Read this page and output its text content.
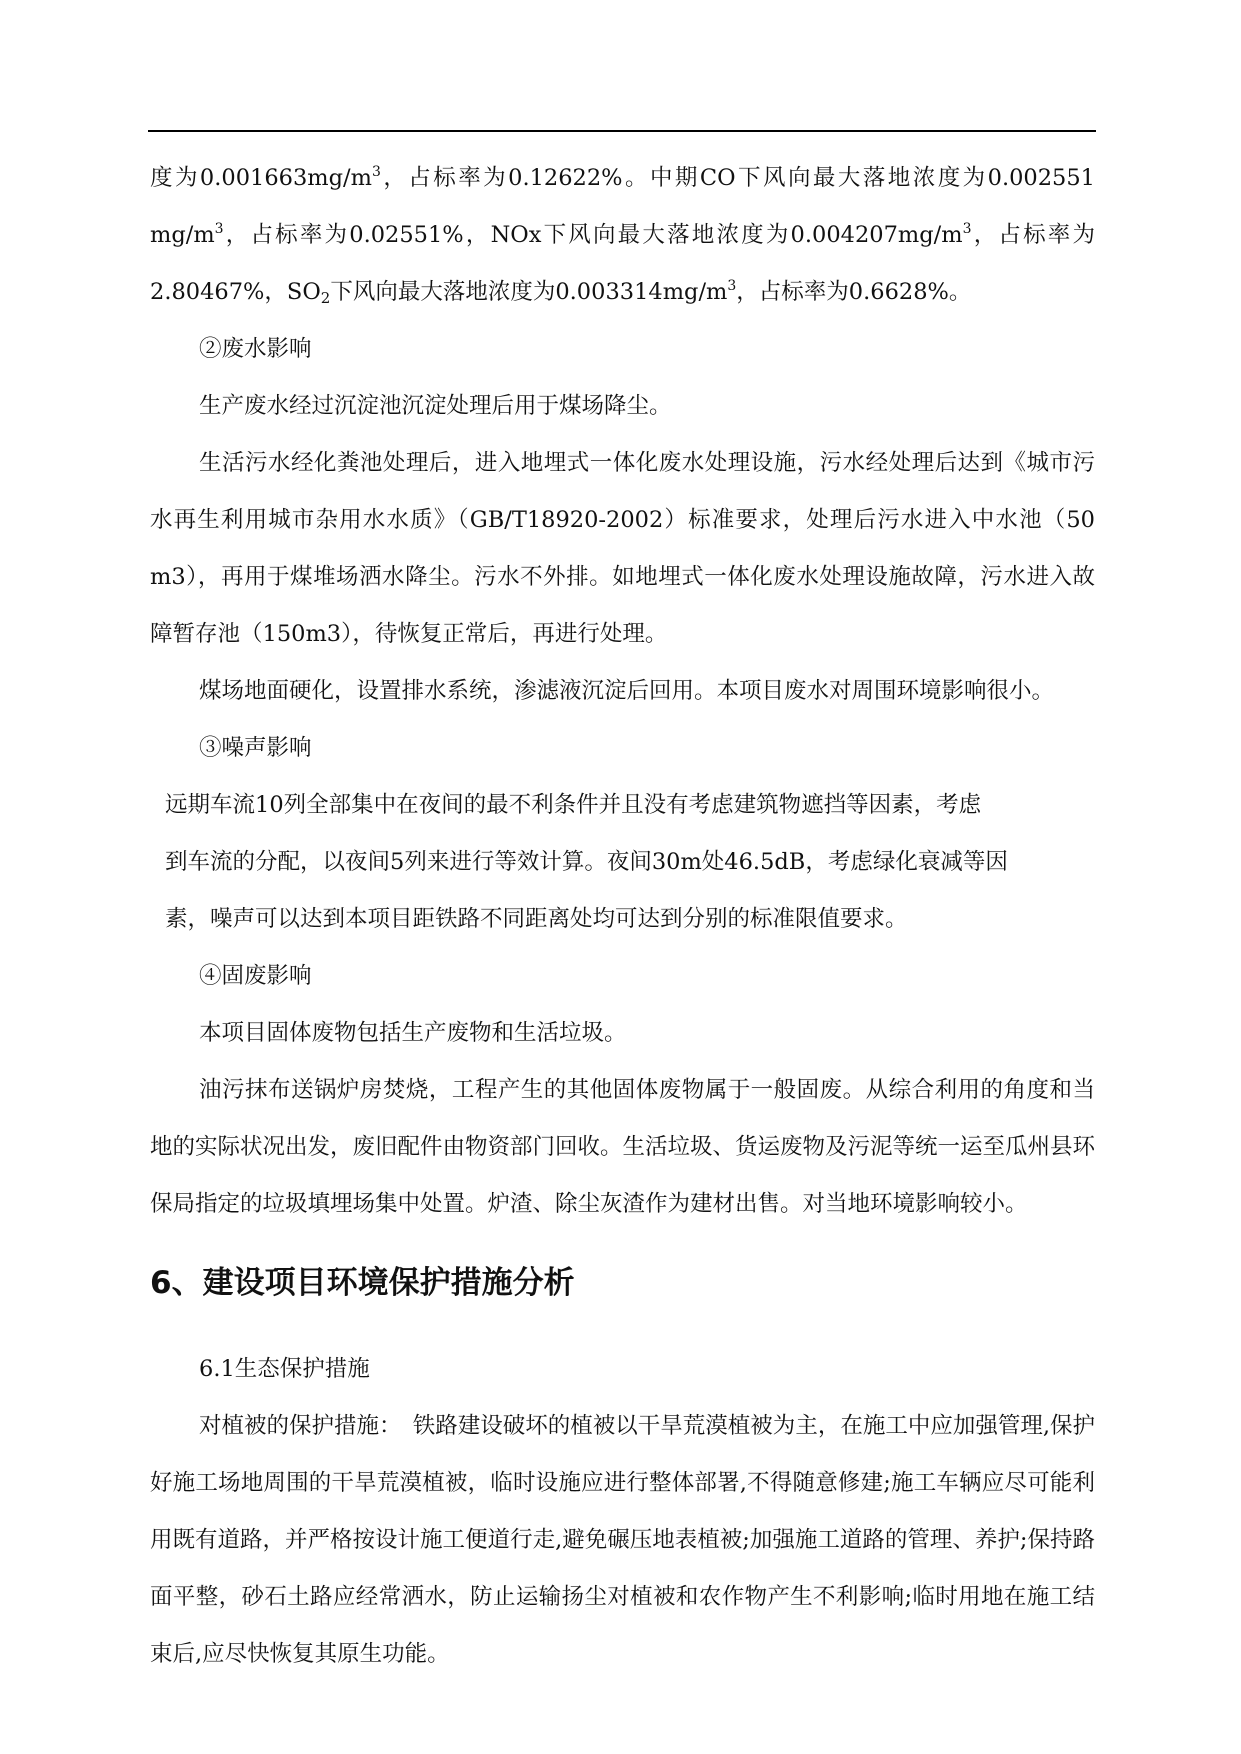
度为$0.001663mg/m^3$，占标率为0.12622%。中期CO下风向最大落地浓度为0.002551 $mg/m^3$，占标率为0.02551%，NOx下风向最大落地浓度为$0.004207mg/m^3$，占标率为2.80467%，$SO_2$下风向最大落地浓度为$0.003314mg/m^3$，占标率为0.6628%。

②废水影响

生产废水经过沉淀池沉淀处理后用于煤场降尘。

生活污水经化粪池处理后，进入地埋式一体化废水处理设施，污水经处理后达到《城市污水再生利用城市杂用水水质》（GB/T18920-2002）标准要求，处理后污水进入中水池（50 m3），再用于煤堆场洒水降尘。污水不外排。如地埋式一体化废水处理设施故障，污水进入故障暂存池（150m3），待恢复正常后，再进行处理。

煤场地面硬化，设置排水系统，渗滤液沉淀后回用。本项目废水对周围环境影响很小。

③噪声影响

远期车流10列全部集中在夜间的最不利条件并且没有考虑建筑物遮挡等因素，考虑

到车流的分配，以夜间5列来进行等效计算。夜间30m处46.5dB，考虑绿化衰减等因

素，噪声可以达到本项目距铁路不同距离处均可达到分别的标准限值要求。

④固废影响

本项目固体废物包括生产废物和生活垃圾。

油污抹布送锅炉房焚烧，工程产生的其他固体废物属于一般固废。从综合利用的角度和当地的实际状况出发，废旧配件由物资部门回收。生活垃圾、货运废物及污泥等统一运至瓜州县环保局指定的垃圾填埋场集中处置。炉渣、除尘灰渣作为建材出售。对当地环境影响较小。

6、建设项目环境保护措施分析

6.1生态保护措施

对植被的保护措施：　铁路建设破坏的植被以干旱荒漠植被为主，在施工中应加强管理,保护好施工场地周围的干旱荒漠植被，临时设施应进行整体部署,不得随意修建;施工车辆应尽可能利用既有道路，并严格按设计施工便道行走,避免碾压地表植被;加强施工道路的管理、养护;保持路面平整，砂石土路应经常洒水，防止运输扬尘对植被和农作物产生不利影响;临时用地在施工结束后,应尽快恢复其原生功能。
